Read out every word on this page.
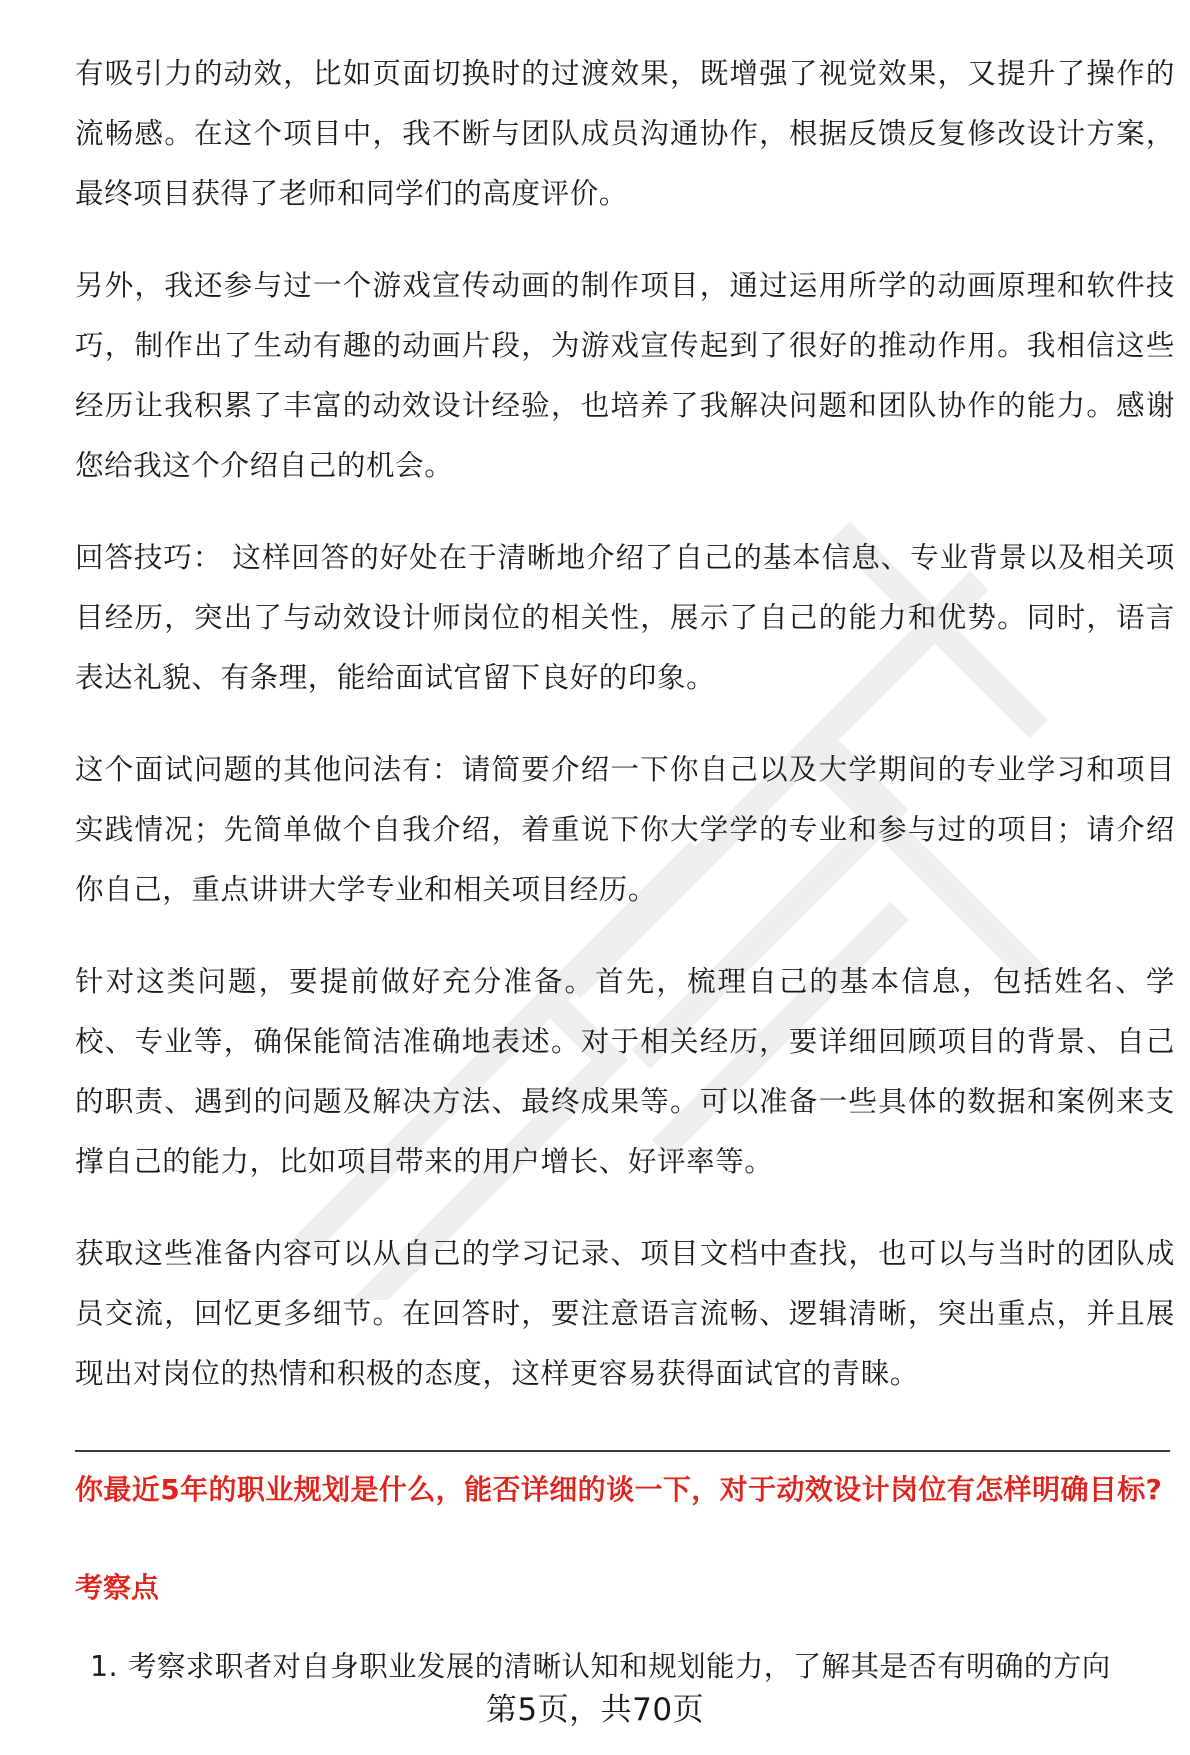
有吸引力的动效，比如页面切换时的过渡效果，既增强了视觉效果，又提升了操作的流畅感。在这个项目中，我不断与团队成员沟通协作，根据反馈反复修改设计方案，最终项目获得了老师和同学们的高度评价。

另外，我还参与过一个游戏宣传动画的制作项目，通过运用所学的动画原理和软件技巧，制作出了生动有趣的动画片段，为游戏宣传起到了很好的推动作用。我相信这些经历让我积累了丰富的动效设计经验，也培养了我解决问题和团队协作的能力。感谢您给我这个介绍自己的机会。

回答技巧： 这样回答的好处在于清晰地介绍了自己的基本信息、专业背景以及相关项目经历，突出了与动效设计师岗位的相关性，展示了自己的能力和优势。同时，语言表达礼貌、有条理，能给面试官留下良好的印象。

这个面试问题的其他问法有：请简要介绍一下你自己以及大学期间的专业学习和项目实践情况；先简单做个自我介绍，着重说下你大学学的专业和参与过的项目；请介绍你自己，重点讲讲大学专业和相关项目经历。

针对这类问题，要提前做好充分准备。首先，梳理自己的基本信息，包括姓名、学校、专业等，确保能简洁准确地表述。对于相关经历，要详细回顾项目的背景、自己的职责、遇到的问题及解决方法、最终成果等。可以准备一些具体的数据和案例来支撑自己的能力，比如项目带来的用户增长、好评率等。

获取这些准备内容可以从自己的学习记录、项目文档中查找，也可以与当时的团队成员交流，回忆更多细节。在回答时，要注意语言流畅、逻辑清晰，突出重点，并且展现出对岗位的热情和积极的态度，这样更容易获得面试官的青睐。

你最近5年的职业规划是什么，能否详细的谈一下，对于动效设计岗位有怎样明确目标?
考察点
1. 考察求职者对自身职业发展的清晰认知和规划能力，了解其是否有明确的方向
第5页，共70页
